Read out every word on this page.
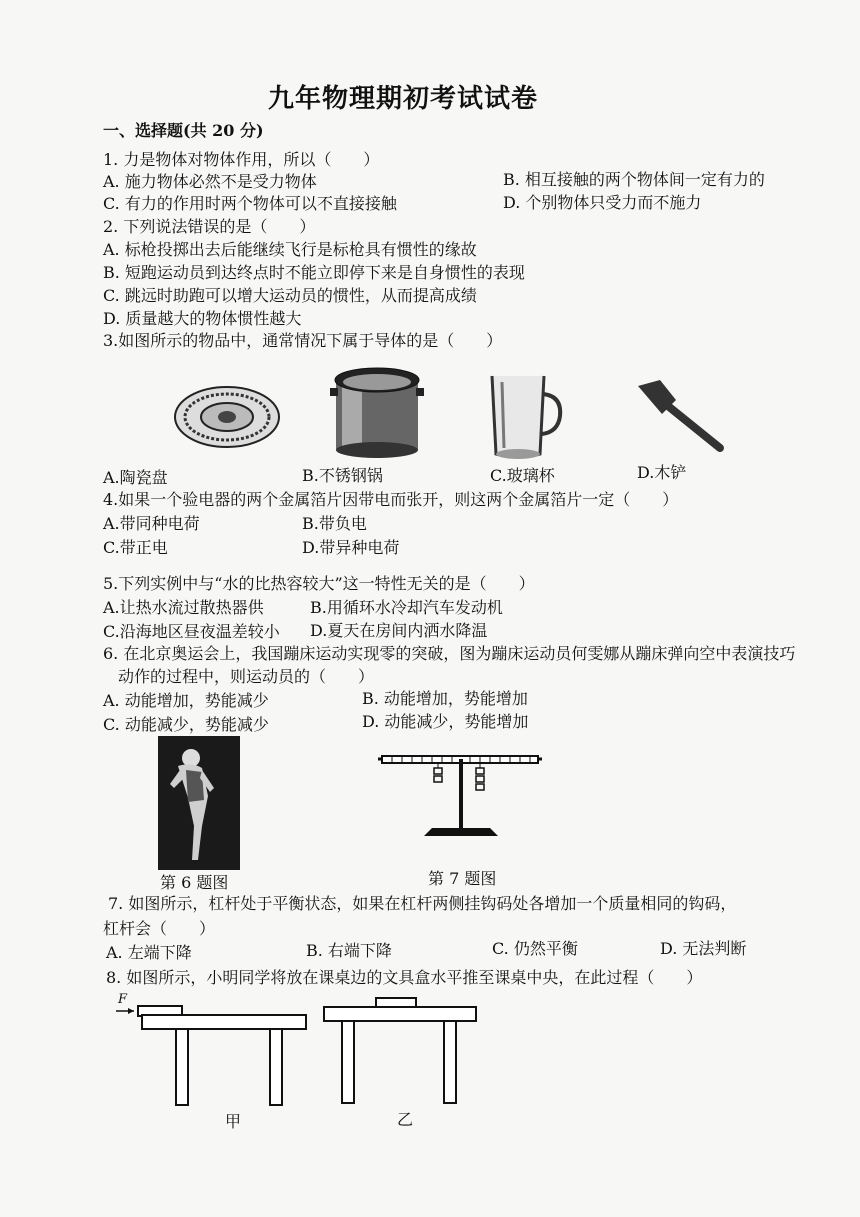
九年物理期初考试试卷
一、选择题(共 20 分)
1. 力是物体对物体作用，所以（　　）
A. 施力物体必然不是受力物体	B. 相互接触的两个物体间一定有力的
C. 有力的作用时两个物体可以不直接接触	D. 个别物体只受力而不施力
2. 下列说法错误的是（　　）
A. 标枪投掷出去后能继续飞行是标枪具有惯性的缘故
B. 短跑运动员到达终点时不能立即停下来是自身惯性的表现
C. 跳远时助跑可以增大运动员的惯性，从而提高成绩
D. 质量越大的物体惯性越大
3.如图所示的物品中，通常情况下属于导体的是（　　）
A.陶瓷盘	B.不锈钢锅	C.玻璃杯	D.木铲
4.如果一个验电器的两个金属箔片因带电而张开，则这两个金属箔片一定（　　）
A.带同种电荷	B.带负电
C.带正电	D.带异种电荷
5.下列实例中与“水的比热容较大”这一特性无关的是（　　）
A.让热水流过散热器供	B.用循环水冷却汽车发动机
C.沿海地区昼夜温差较小 D.夏天在房间内洒水降温
6. 在北京奥运会上，我国蹦床运动实现零的突破，图为蹦床运动员何雯娜从蹦床弹向空中表演技巧
动作的过程中，则运动员的（　　）
A. 动能增加，势能减少	B. 动能增加，势能增加
C. 动能减少，势能减少	D. 动能减少，势能增加
第 6 题图	第 7 题图
7. 如图所示，杠杆处于平衡状态，如果在杠杆两侧挂钩码处各增加一个质量相同的钩码，
杠杆会（　　）
A. 左端下降	B. 右端下降	C. 仍然平衡	D. 无法判断
8. 如图所示，小明同学将放在课桌边的文具盒水平推至课桌中央，在此过程（　　）
F
甲	乙
